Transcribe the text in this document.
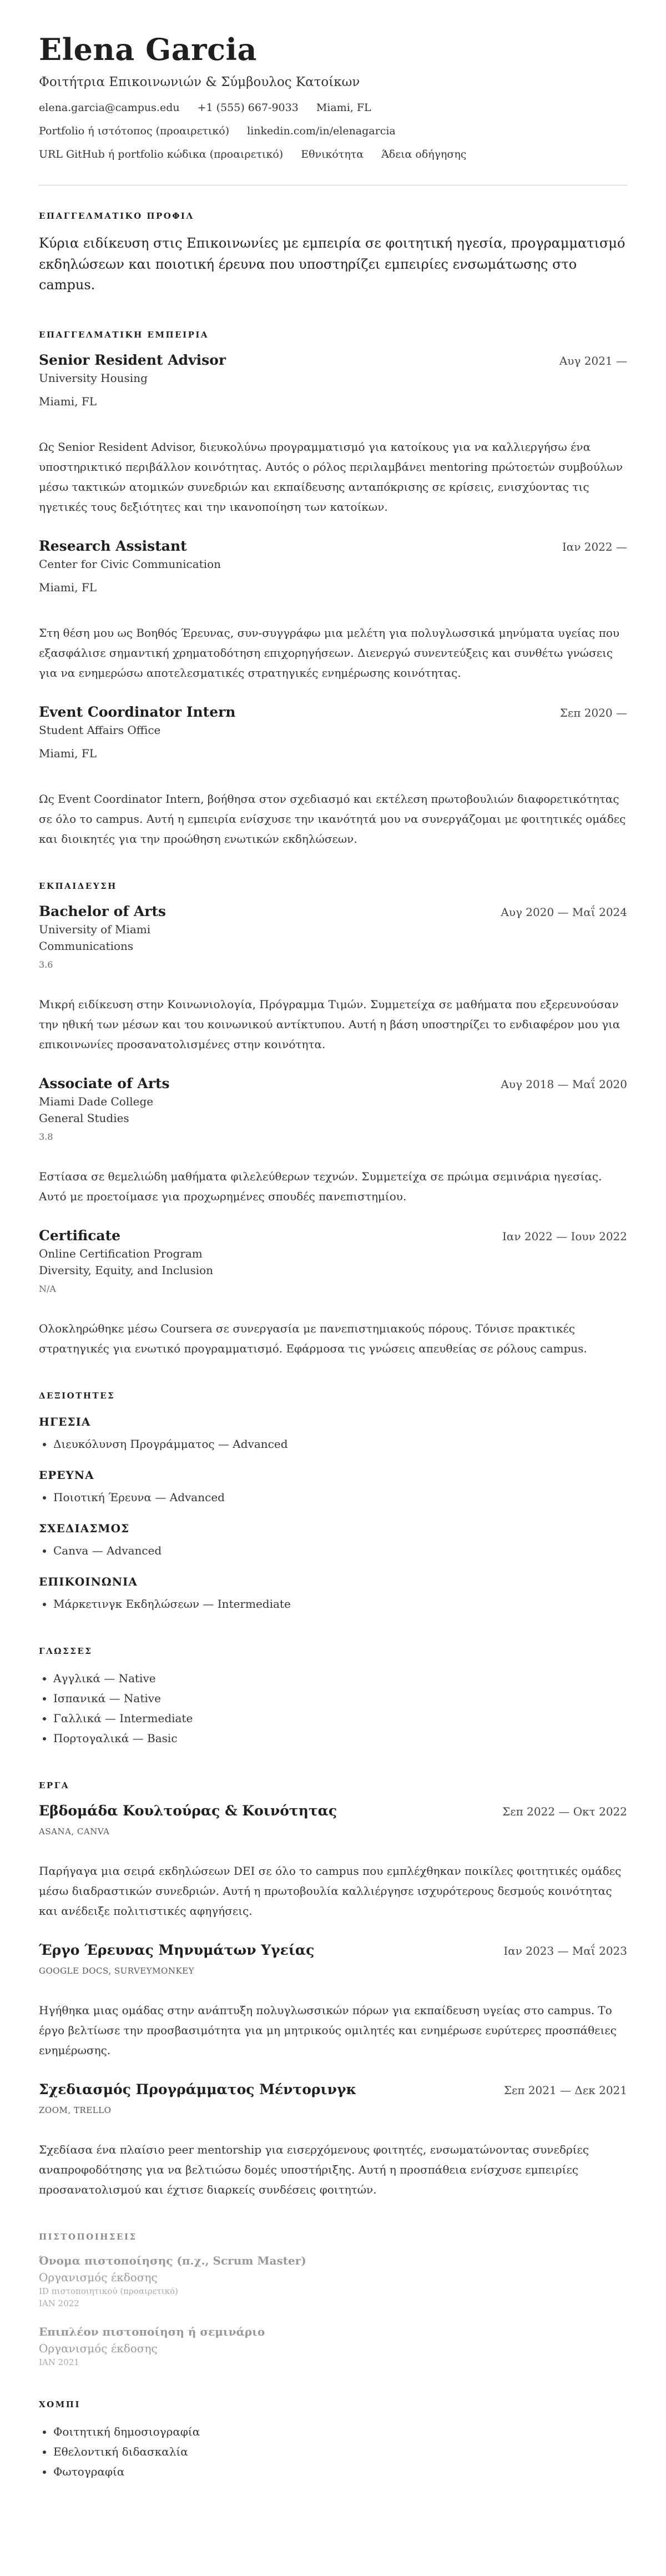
Elena Garcia
Φοιτήτρια Επικοινωνιών & Σύμβουλος Κατοίκων
elena.garcia@campus.edu +1 (555) 667-9033 Miami, FL
Portfolio ή ιστότοπος (προαιρετικό) linkedin.com/in/elenagarcia
URL GitHub ή portfolio κώδικα (προαιρετικό) Εθνικότητα Άδεια οδήγησης
ΕΠΑΓΓΕΛΜΑΤΙΚΟ ΠΡΟΦΙΛ
Κύρια ειδίκευση στις Επικοινωνίες με εμπειρία σε φοιτητική ηγεσία, προγραμματισμό εκδηλώσεων και ποιοτική έρευνα που υποστηρίζει εμπειρίες ενσωμάτωσης στο campus.
ΕΠΑΓΓΕΛΜΑΤΙΚΗ ΕΜΠΕΙΡΙΑ
Senior Resident Advisor	Αυγ 2021 —
University Housing
Miami, FL
Ως Senior Resident Advisor, διευκολύνω προγραμματισμό για κατοίκους για να καλλιεργήσω ένα υποστηρικτικό περιβάλλον κοινότητας. Αυτός ο ρόλος περιλαμβάνει mentoring πρώτοετών συμβούλων μέσω τακτικών ατομικών συνεδριών και εκπαίδευσης ανταπόκρισης σε κρίσεις, ενισχύοντας τις ηγετικές τους δεξιότητες και την ικανοποίηση των κατοίκων.
Research Assistant	Ιαν 2022 —
Center for Civic Communication
Miami, FL
Στη θέση μου ως Βοηθός Έρευνας, συν-συγγράφω μια μελέτη για πολυγλωσσικά μηνύματα υγείας που εξασφάλισε σημαντική χρηματοδότηση επιχορηγήσεων. Διενεργώ συνεντεύξεις και συνθέτω γνώσεις για να ενημερώσω αποτελεσματικές στρατηγικές ενημέρωσης κοινότητας.
Event Coordinator Intern	Σεπ 2020 —
Student Affairs Office
Miami, FL
Ως Event Coordinator Intern, βοήθησα στον σχεδιασμό και εκτέλεση πρωτοβουλιών διαφορετικότητας σε όλο το campus. Αυτή η εμπειρία ενίσχυσε την ικανότητά μου να συνεργάζομαι με φοιτητικές ομάδες και διοικητές για την προώθηση ενωτικών εκδηλώσεων.
ΕΚΠΑΙΔΕΥΣΗ
Bachelor of Arts	Αυγ 2020 — Μαΐ 2024
University of Miami
Communications
3.6
Μικρή ειδίκευση στην Κοινωνιολογία, Πρόγραμμα Τιμών. Συμμετείχα σε μαθήματα που εξερευνούσαν την ηθική των μέσων και του κοινωνικού αντίκτυπου. Αυτή η βάση υποστηρίζει το ενδιαφέρον μου για επικοινωνίες προσανατολισμένες στην κοινότητα.
Associate of Arts	Αυγ 2018 — Μαΐ 2020
Miami Dade College
General Studies
3.8
Εστίασα σε θεμελιώδη μαθήματα φιλελεύθερων τεχνών. Συμμετείχα σε πρώιμα σεμινάρια ηγεσίας. Αυτό με προετοίμασε για προχωρημένες σπουδές πανεπιστημίου.
Certificate	Ιαν 2022 — Ιουν 2022
Online Certification Program
Diversity, Equity, and Inclusion
N/A
Ολοκληρώθηκε μέσω Coursera σε συνεργασία με πανεπιστημιακούς πόρους. Τόνισε πρακτικές στρατηγικές για ενωτικό προγραμματισμό. Εφάρμοσα τις γνώσεις απευθείας σε ρόλους campus.
ΔΕΞΙΟΤΗΤΕΣ
ΗΓΕΣΙΑ
• Διευκόλυνση Προγράμματος — Advanced
ΕΡΕΥΝΑ
• Ποιοτική Έρευνα — Advanced
ΣΧΕΔΙΑΣΜΟΣ
• Canva — Advanced
ΕΠΙΚΟΙΝΩΝΙΑ
• Μάρκετινγκ Εκδηλώσεων — Intermediate
ΓΛΩΣΣΕΣ
• Αγγλικά — Native
• Ισπανικά — Native
• Γαλλικά — Intermediate
• Πορτογαλικά — Basic
ΕΡΓΑ
Εβδομάδα Κουλτούρας & Κοινότητας	Σεπ 2022 — Οκτ 2022
ASANA, CANVA
Παρήγαγα μια σειρά εκδηλώσεων DEI σε όλο το campus που εμπλέχθηκαν ποικίλες φοιτητικές ομάδες μέσω διαδραστικών συνεδριών. Αυτή η πρωτοβουλία καλλιέργησε ισχυρότερους δεσμούς κοινότητας και ανέδειξε πολιτιστικές αφηγήσεις.
Έργο Έρευνας Μηνυμάτων Υγείας	Ιαν 2023 — Μαΐ 2023
GOOGLE DOCS, SURVEYMONKEY
Ηγήθηκα μιας ομάδας στην ανάπτυξη πολυγλωσσικών πόρων για εκπαίδευση υγείας στο campus. Το έργο βελτίωσε την προσβασιμότητα για μη μητρικούς ομιλητές και ενημέρωσε ευρύτερες προσπάθειες ενημέρωσης.
Σχεδιασμός Προγράμματος Μέντορινγκ	Σεπ 2021 — Δεκ 2021
ZOOM, TRELLO
Σχεδίασα ένα πλαίσιο peer mentorship για εισερχόμενους φοιτητές, ενσωματώνοντας συνεδρίες αναπροφοδότησης για να βελτιώσω δομές υποστήριξης. Αυτή η προσπάθεια ενίσχυσε εμπειρίες προσανατολισμού και έχτισε διαρκείς συνδέσεις φοιτητών.
ΠΙΣΤΟΠΟΙΗΣΕΙΣ
Όνομα πιστοποίησης (π.χ., Scrum Master)
Οργανισμός έκδοσης
ID πιστοποιητικού (προαιρετικό)
ΙΑΝ 2022
Επιπλέον πιστοποίηση ή σεμινάριο
Οργανισμός έκδοσης
ΙΑΝ 2021
ΧΟΜΠΙ
• Φοιτητική δημοσιογραφία
• Εθελοντική διδασκαλία
• Φωτογραφία
